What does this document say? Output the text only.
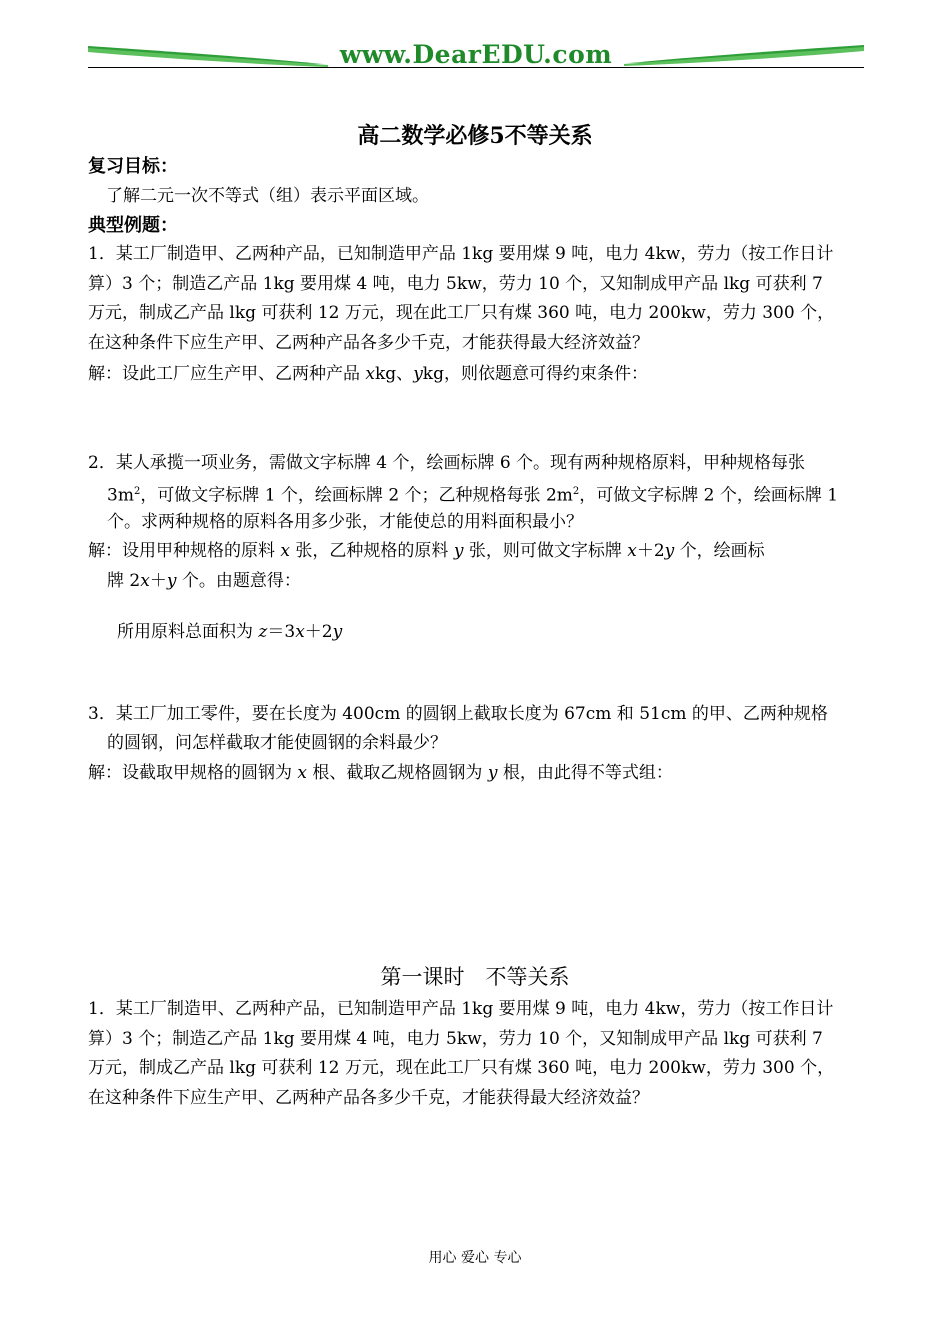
www.DearEDU.com
高二数学必修5不等关系
复习目标：
了解二元一次不等式（组）表示平面区域。
典型例题：
1．某工厂制造甲、乙两种产品，已知制造甲产品 1kg 要用煤 9 吨，电力 4kw，劳力（按工作日计
算）3 个；制造乙产品 1kg 要用煤 4 吨，电力 5kw，劳力 10 个，又知制成甲产品 lkg 可获利 7
万元，制成乙产品 lkg 可获利 12 万元，现在此工厂只有煤 360 吨，电力 200kw，劳力 300 个，
在这种条件下应生产甲、乙两种产品各多少千克，才能获得最大经济效益？
解：设此工厂应生产甲、乙两种产品 xkg、ykg，则依题意可得约束条件：
2．某人承揽一项业务，需做文字标牌 4 个，绘画标牌 6 个。现有两种规格原料，甲种规格每张
$3m^2$，可做文字标牌 1 个，绘画标牌 2 个；乙种规格每张 $2m^2$，可做文字标牌 2 个，绘画标牌 1
个。求两种规格的原料各用多少张，才能使总的用料面积最小？
解：设用甲种规格的原料 x 张，乙种规格的原料 y 张，则可做文字标牌 x＋2y 个，绘画标
牌 2x＋y 个。由题意得：
所用原料总面积为 z＝3x＋2y
3．某工厂加工零件，要在长度为 400cm 的圆钢上截取长度为 67cm 和 51cm 的甲、乙两种规格
的圆钢，问怎样截取才能使圆钢的余料最少？
解：设截取甲规格的圆钢为 x 根、截取乙规格圆钢为 y 根，由此得不等式组：
第一课时　不等关系
1．某工厂制造甲、乙两种产品，已知制造甲产品 1kg 要用煤 9 吨，电力 4kw，劳力（按工作日计
算）3 个；制造乙产品 1kg 要用煤 4 吨，电力 5kw，劳力 10 个，又知制成甲产品 lkg 可获利 7
万元，制成乙产品 lkg 可获利 12 万元，现在此工厂只有煤 360 吨，电力 200kw，劳力 300 个，
在这种条件下应生产甲、乙两种产品各多少千克，才能获得最大经济效益？
用心 爱心 专心
